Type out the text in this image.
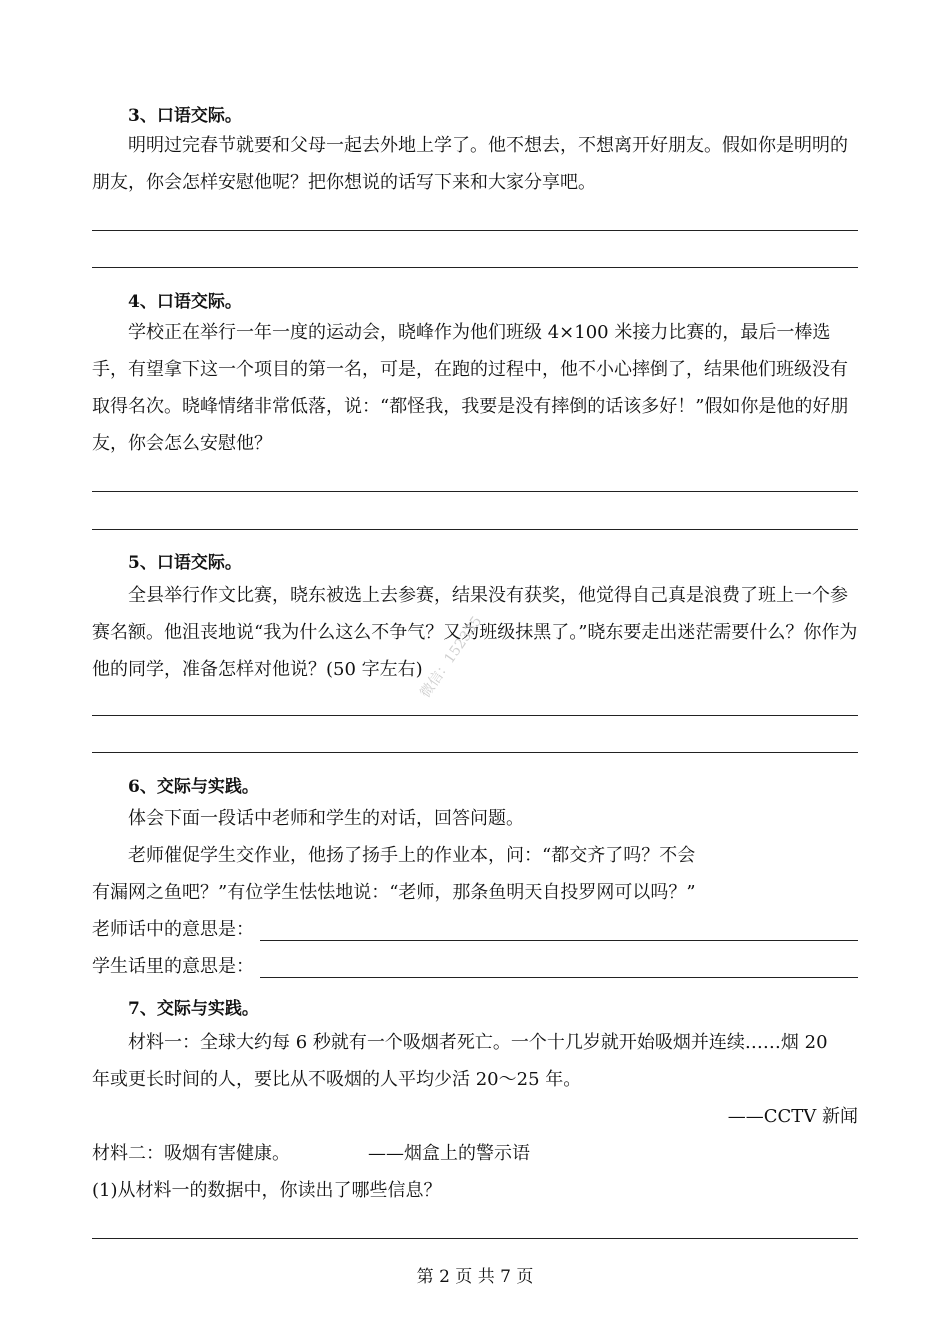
3、口语交际。

明明过完春节就要和父母一起去外地上学了。他不想去，不想离开好朋友。假如你是明明的朋友，你会怎样安慰他呢？把你想说的话写下来和大家分享吧。

4、口语交际。

学校正在举行一年一度的运动会，晓峰作为他们班级 4×100 米接力比赛的，最后一棒选手，有望拿下这一个项目的第一名，可是，在跑的过程中，他不小心摔倒了，结果他们班级没有取得名次。晓峰情绪非常低落，说：“都怪我，我要是没有摔倒的话该多好！”假如你是他的好朋友，你会怎么安慰他？

5、口语交际。

全县举行作文比赛，晓东被选上去参赛，结果没有获奖，他觉得自己真是浪费了班上一个参赛名额。他沮丧地说“我为什么这么不争气？又为班级抹黑了。”晓东要走出迷茫需要什么？你作为他的同学，准备怎样对他说？(50 字左右)

6、交际与实践。
体会下面一段话中老师和学生的对话，回答问题。
老师催促学生交作业，他扬了扬手上的作业本，问：“都交齐了吗？不会
有漏网之鱼吧？”有位学生怯怯地说：“老师，那条鱼明天自投罗网可以吗？”
老师话中的意思是：
学生话里的意思是：
7、交际与实践。
材料一：全球大约每 6 秒就有一个吸烟者死亡。一个十几岁就开始吸烟并连续……烟 20
年或更长时间的人，要比从不吸烟的人平均少活 20～25 年。
——CCTV 新闻
材料二：吸烟有害健康。	——烟盒上的警示语
(1)从材料一的数据中，你读出了哪些信息？
第 2 页 共 7 页
微信：152335
